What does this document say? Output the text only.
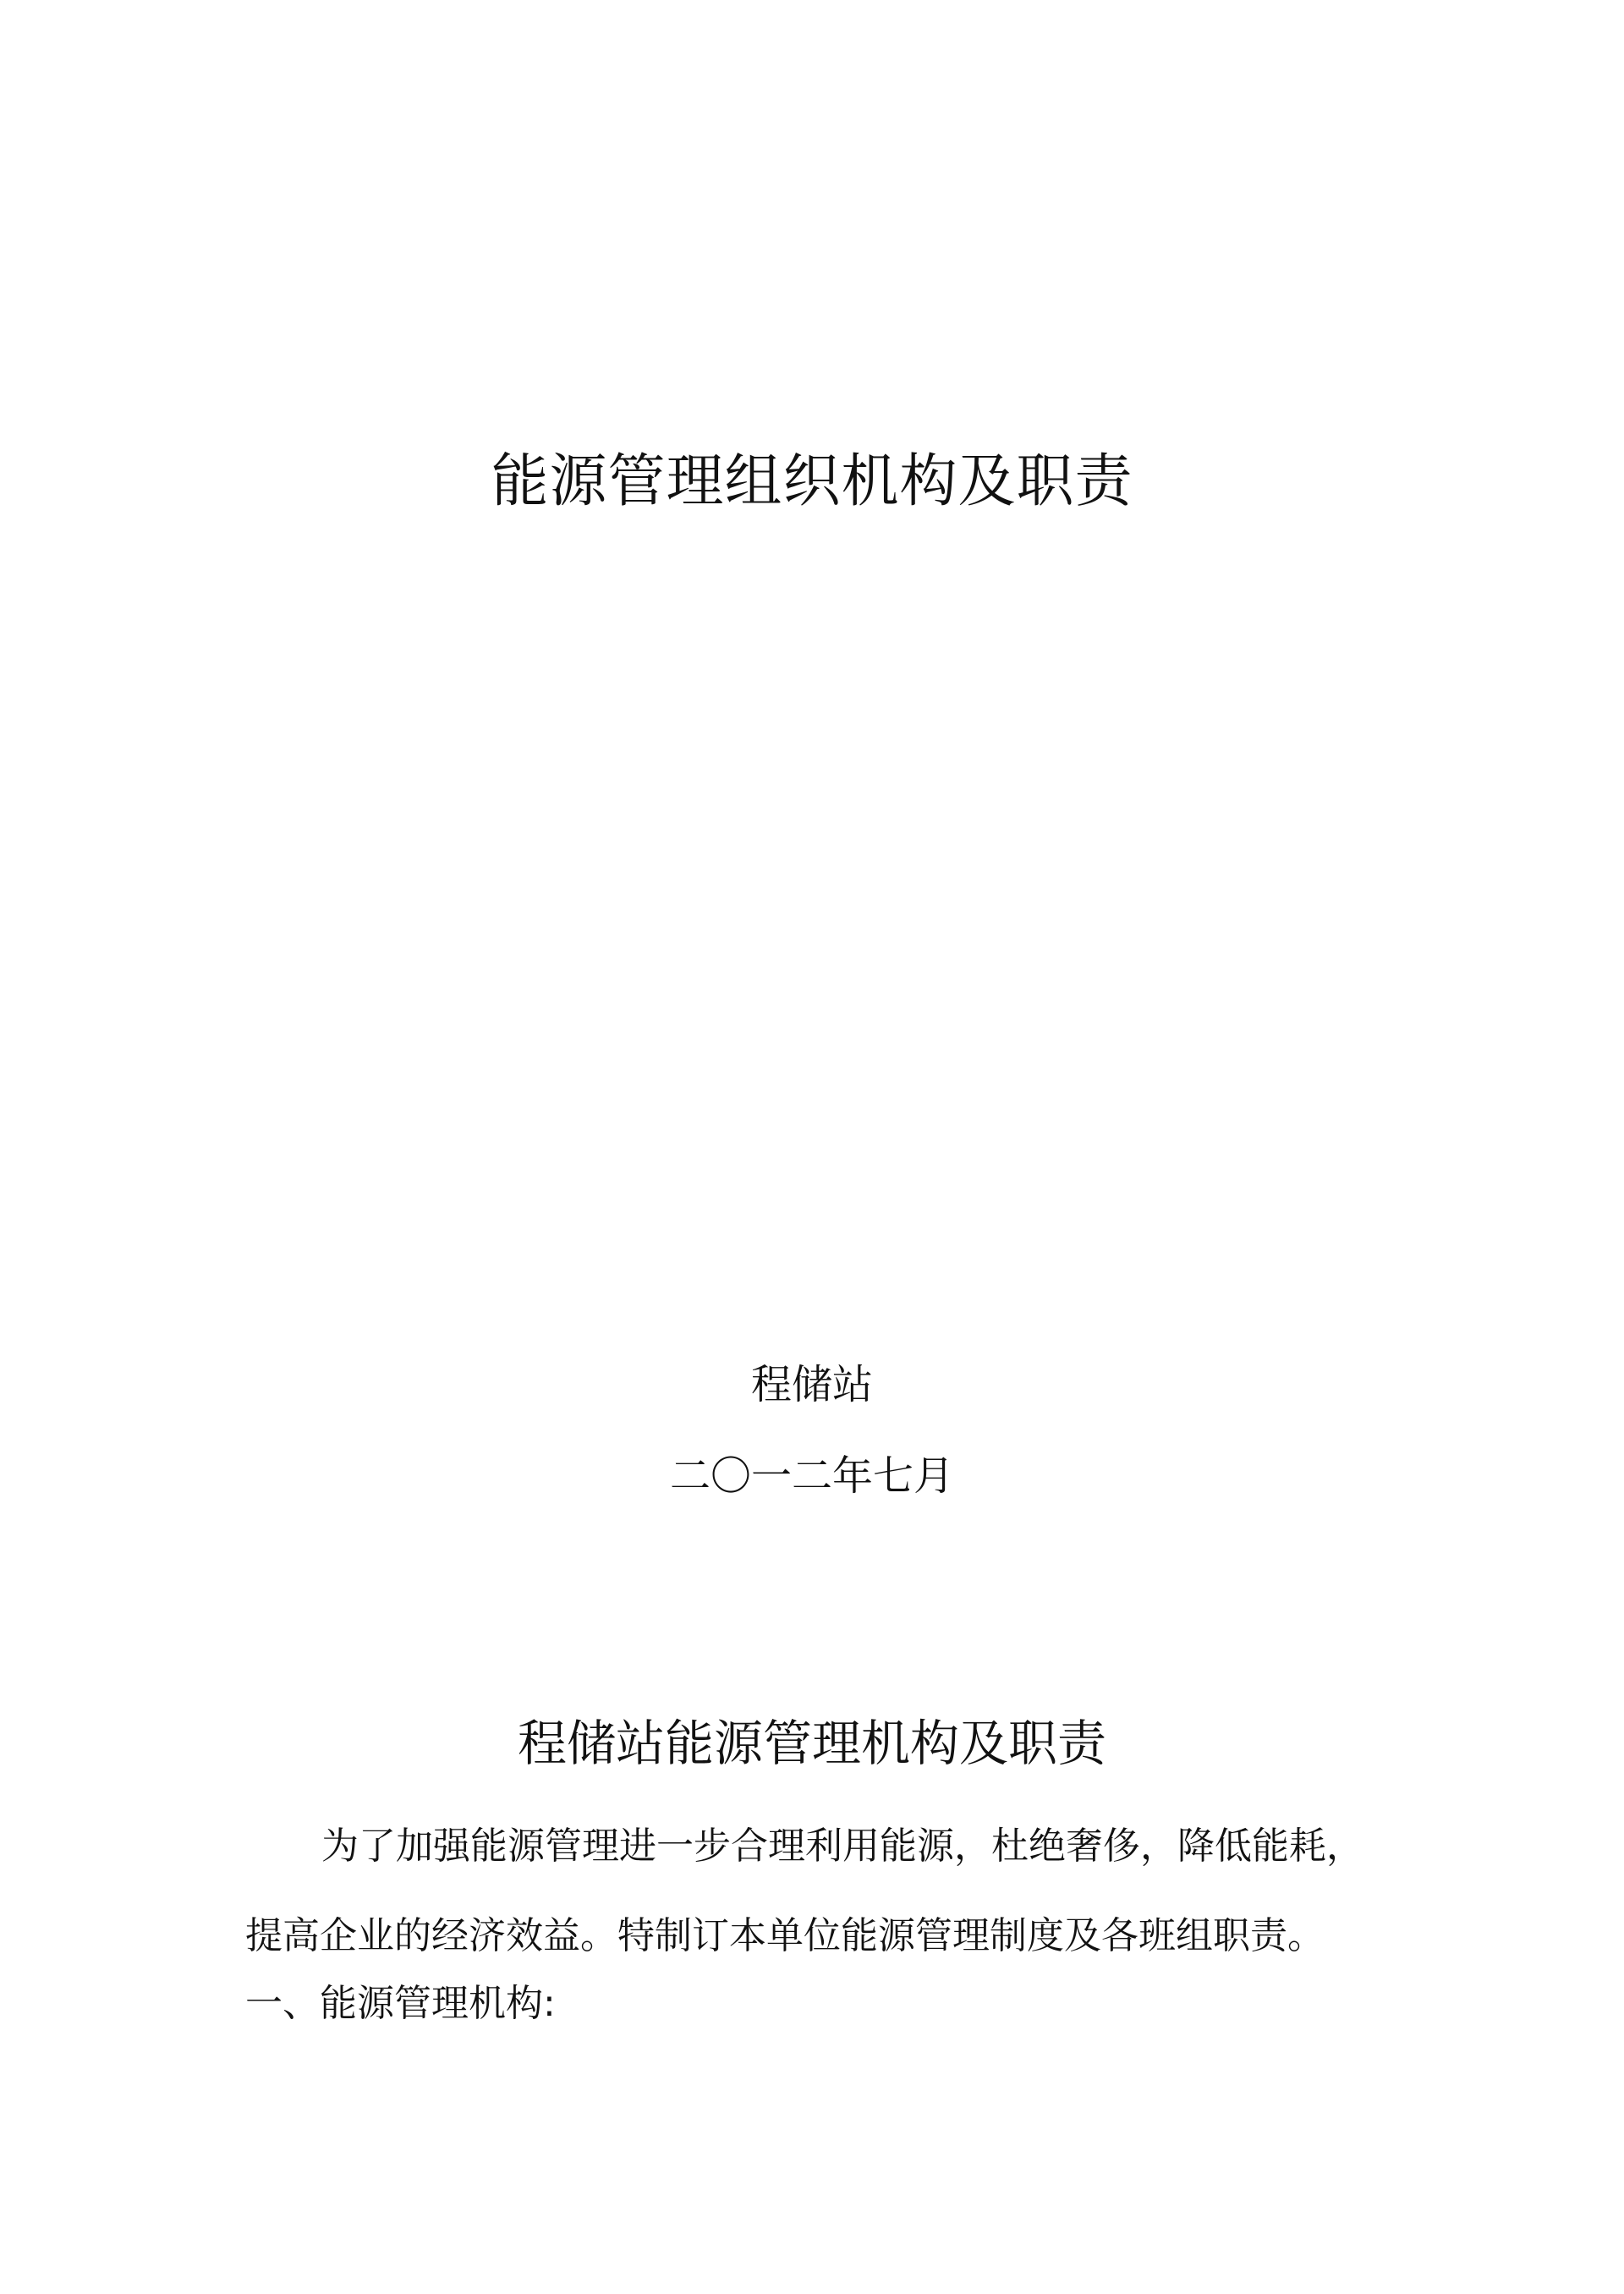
能源管理组织机构及职责
程储站
二〇一二年七月
程储站能源管理机构及职责

为了加强能源管理进一步合理利用能源，杜绝奢侈，降低能耗，
提高企业的经济效益。特制订本单位能源管理制度及各班组职责。

一、能源管理机构:
